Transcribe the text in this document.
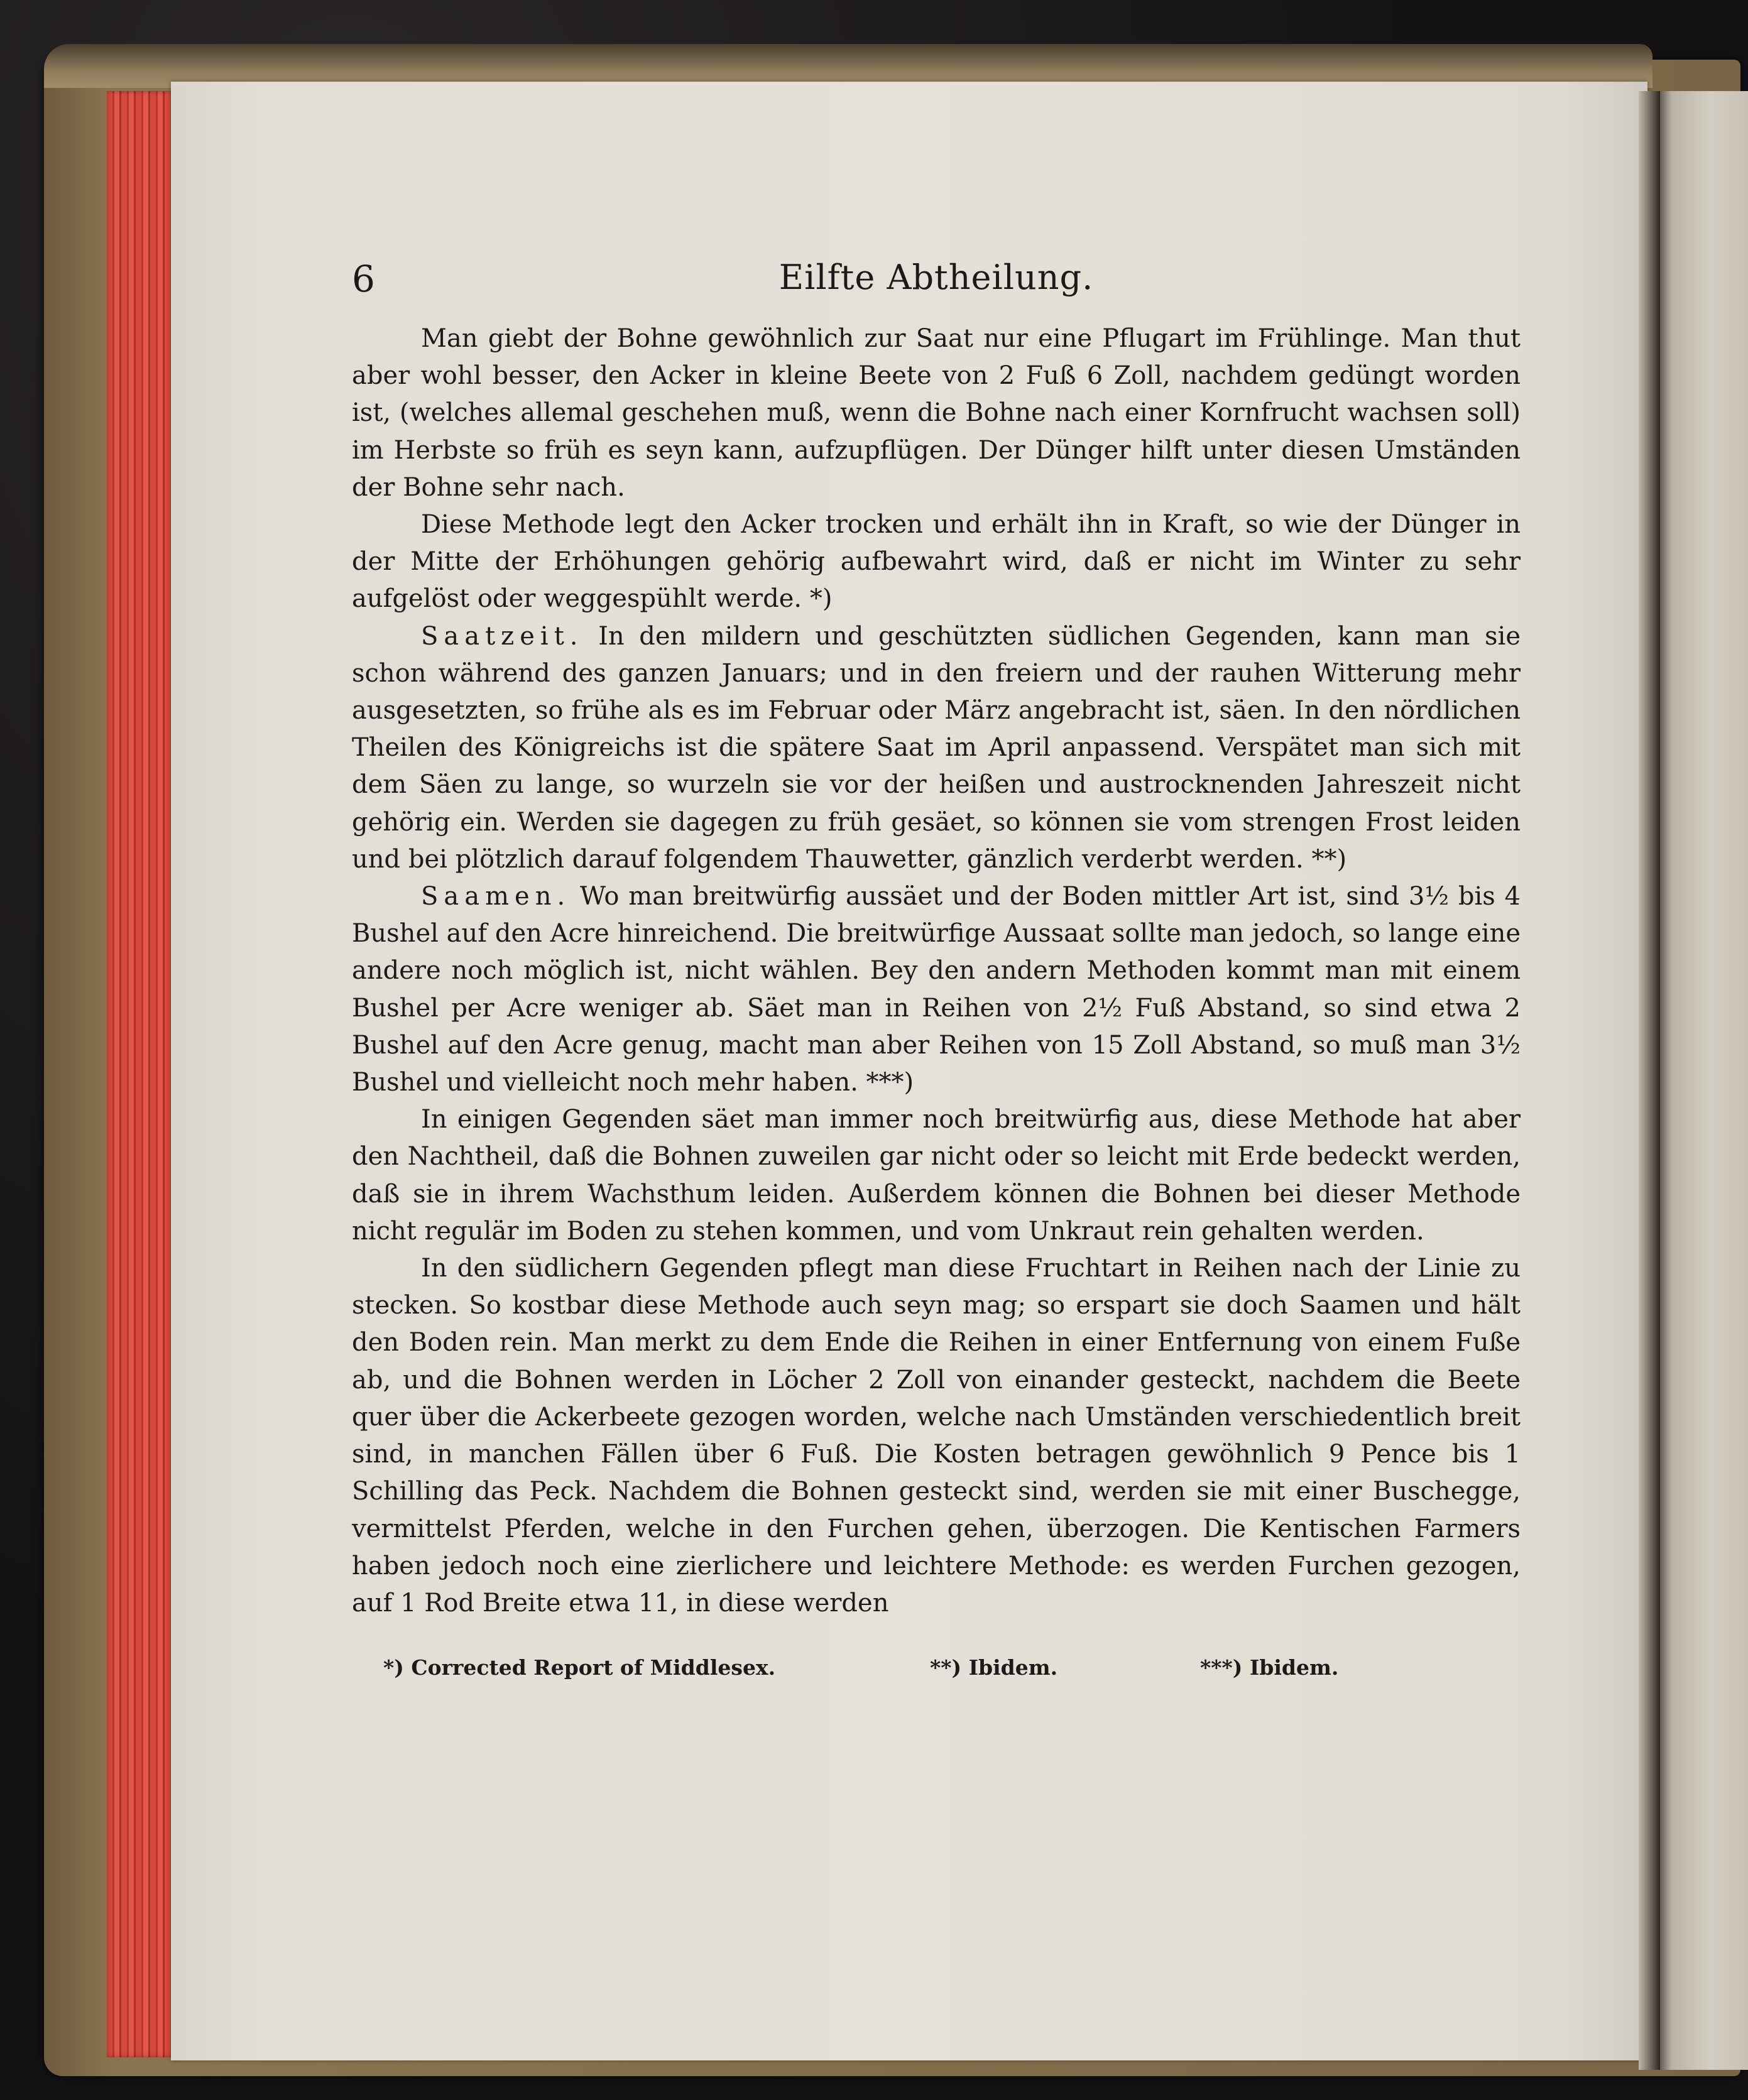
6	Eilfte Abtheilung.

Man giebt der Bohne gewöhnlich zur Saat nur eine Pflugart im Frühlinge. Man thut aber wohl besser, den Acker in kleine Beete von 2 Fuß 6 Zoll, nachdem gedüngt worden ist, (welches allemal geschehen muß, wenn die Bohne nach einer Kornfrucht wachsen soll) im Herbste so früh es seyn kann, aufzupflügen. Der Dünger hilft unter diesen Umständen der Bohne sehr nach.

Diese Methode legt den Acker trocken und erhält ihn in Kraft, so wie der Dünger in der Mitte der Erhöhungen gehörig aufbewahrt wird, daß er nicht im Winter zu sehr aufgelöst oder weggespühlt werde. *)

Saatzeit. In den mildern und geschützten südlichen Gegenden, kann man sie schon während des ganzen Januars; und in den freiern und der rauhen Witterung mehr ausgesetzten, so frühe als es im Februar oder März angebracht ist, säen. In den nördlichen Theilen des Königreichs ist die spätere Saat im April anpassend. Verspätet man sich mit dem Säen zu lange, so wurzeln sie vor der heißen und austrocknenden Jahreszeit nicht gehörig ein. Werden sie dagegen zu früh gesäet, so können sie vom strengen Frost leiden und bei plötzlich darauf folgendem Thauwetter, gänzlich verderbt werden. **)

Saamen. Wo man breitwürfig aussäet und der Boden mittler Art ist, sind 3½ bis 4 Bushel auf den Acre hinreichend. Die breitwürfige Aussaat sollte man jedoch, so lange eine andere noch möglich ist, nicht wählen. Bey den andern Methoden kommt man mit einem Bushel per Acre weniger ab. Säet man in Reihen von 2½ Fuß Abstand, so sind etwa 2 Bushel auf den Acre genug, macht man aber Reihen von 15 Zoll Abstand, so muß man 3½ Bushel und vielleicht noch mehr haben. ***)

In einigen Gegenden säet man immer noch breitwürfig aus, diese Methode hat aber den Nachtheil, daß die Bohnen zuweilen gar nicht oder so leicht mit Erde bedeckt werden, daß sie in ihrem Wachsthum leiden. Außerdem können die Bohnen bei dieser Methode nicht regulär im Boden zu stehen kommen, und vom Unkraut rein gehalten werden.

In den südlichern Gegenden pflegt man diese Fruchtart in Reihen nach der Linie zu stecken. So kostbar diese Methode auch seyn mag; so erspart sie doch Saamen und hält den Boden rein. Man merkt zu dem Ende die Reihen in einer Entfernung von einem Fuße ab, und die Bohnen werden in Löcher 2 Zoll von einander gesteckt, nachdem die Beete quer über die Ackerbeete gezogen worden, welche nach Umständen verschiedentlich breit sind, in manchen Fällen über 6 Fuß. Die Kosten betragen gewöhnlich 9 Pence bis 1 Schilling das Peck. Nachdem die Bohnen gesteckt sind, werden sie mit einer Buschegge, vermittelst Pferden, welche in den Furchen gehen, überzogen. Die Kentischen Farmers haben jedoch noch eine zierlichere und leichtere Methode: es werden Furchen gezogen, auf 1 Rod Breite etwa 11, in diese werden

*) Corrected Report of Middlesex.	**) Ibidem.	***) Ibidem.
